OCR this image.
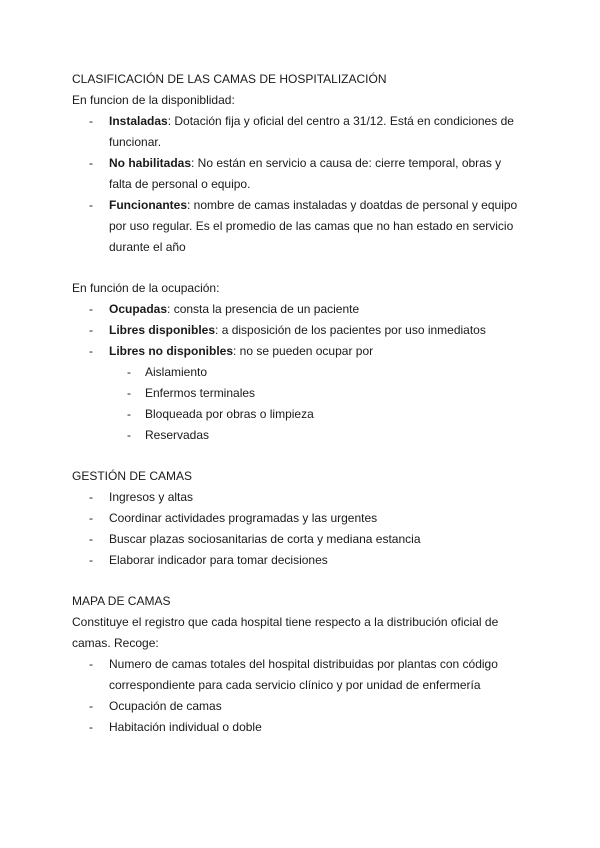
CLASIFICACIÓN DE LAS CAMAS DE HOSPITALIZACIÓN
En funcion de la disponiblidad:
- Instaladas: Dotación fija y oficial del centro a 31/12. Está en condiciones de
funcionar.
- No habilitadas: No están en servicio a causa de: cierre temporal, obras y
falta de personal o equipo.
- Funcionantes: nombre de camas instaladas y doatdas de personal y equipo
por uso regular. Es el promedio de las camas que no han estado en servicio
durante el año
En función de la ocupación:
- Ocupadas: consta la presencia de un paciente
- Libres disponibles: a disposición de los pacientes por uso inmediatos
- Libres no disponibles: no se pueden ocupar por
- Aislamiento
- Enfermos terminales
- Bloqueada por obras o limpieza
- Reservadas
GESTIÓN DE CAMAS
- Ingresos y altas
- Coordinar actividades programadas y las urgentes
- Buscar plazas sociosanitarias de corta y mediana estancia
- Elaborar indicador para tomar decisiones
MAPA DE CAMAS
Constituye el registro que cada hospital tiene respecto a la distribución oficial de
camas. Recoge:
- Numero de camas totales del hospital distribuidas por plantas con código
correspondiente para cada servicio clínico y por unidad de enfermería
- Ocupación de camas
- Habitación individual o doble
